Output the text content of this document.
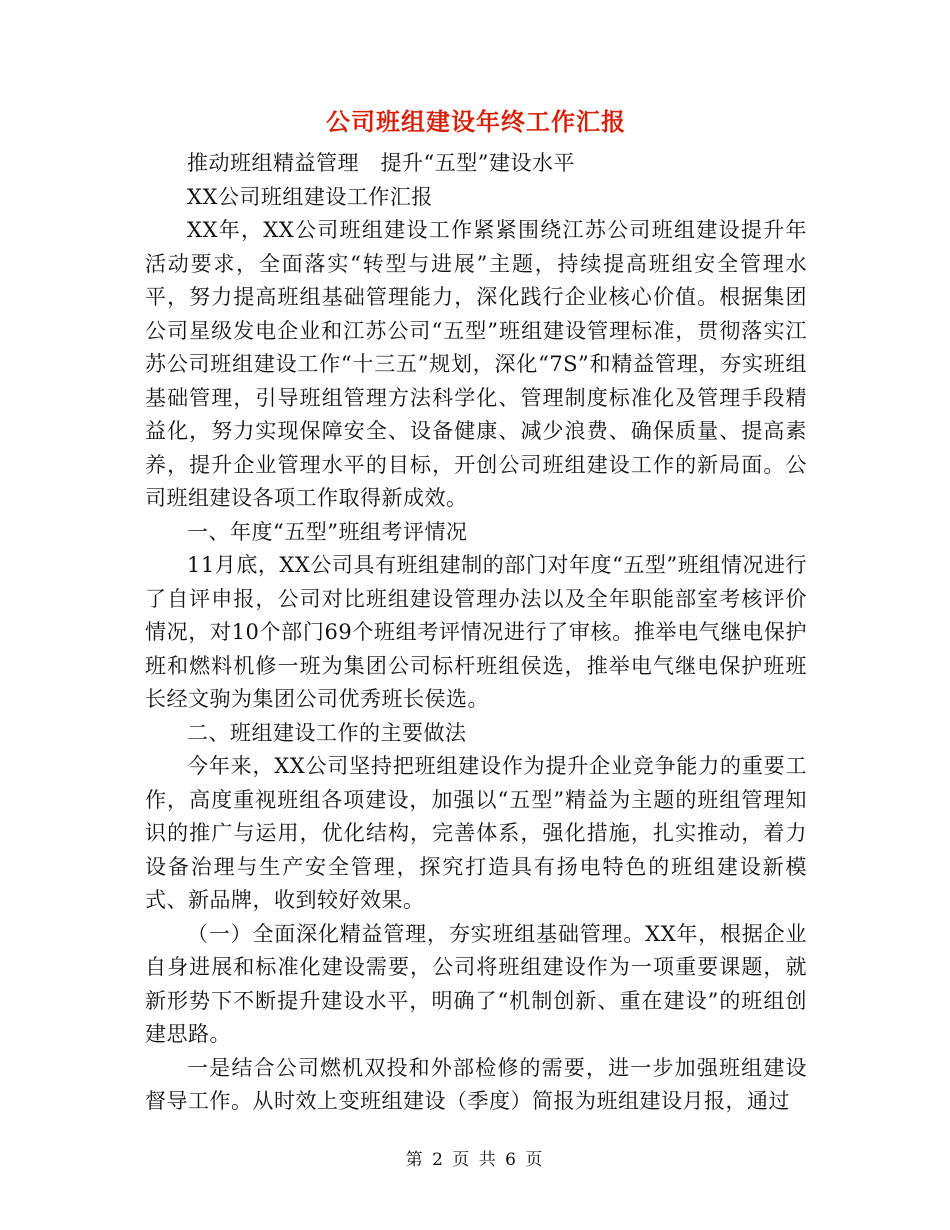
公司班组建设年终工作汇报

推动班组精益管理　提升“五型”建设水平

XX公司班组建设工作汇报

XX年，XX公司班组建设工作紧紧围绕江苏公司班组建设提升年活动要求，全面落实“转型与进展”主题，持续提高班组安全管理水平，努力提高班组基础管理能力，深化践行企业核心价值。根据集团公司星级发电企业和江苏公司“五型”班组建设管理标准，贯彻落实江苏公司班组建设工作“十三五”规划，深化“7S”和精益管理，夯实班组基础管理，引导班组管理方法科学化、管理制度标准化及管理手段精益化，努力实现保障安全、设备健康、减少浪费、确保质量、提高素养，提升企业管理水平的目标，开创公司班组建设工作的新局面。公司班组建设各项工作取得新成效。

一、年度“五型”班组考评情况

11月底，XX公司具有班组建制的部门对年度“五型”班组情况进行了自评申报，公司对比班组建设管理办法以及全年职能部室考核评价情况，对10个部门69个班组考评情况进行了审核。推举电气继电保护班和燃料机修一班为集团公司标杆班组侯选，推举电气继电保护班班长经文驹为集团公司优秀班长侯选。

二、班组建设工作的主要做法

今年来，XX公司坚持把班组建设作为提升企业竞争能力的重要工作，高度重视班组各项建设，加强以“五型”精益为主题的班组管理知识的推广与运用，优化结构，完善体系，强化措施，扎实推动，着力设备治理与生产安全管理，探究打造具有扬电特色的班组建设新模式、新品牌，收到较好效果。

（一）全面深化精益管理，夯实班组基础管理。XX年，根据企业自身进展和标准化建设需要，公司将班组建设作为一项重要课题，就新形势下不断提升建设水平，明确了“机制创新、重在建设”的班组创建思路。

一是结合公司燃机双投和外部检修的需要，进一步加强班组建设督导工作。从时效上变班组建设（季度）简报为班组建设月报，通过

第 2 页 共 6 页
